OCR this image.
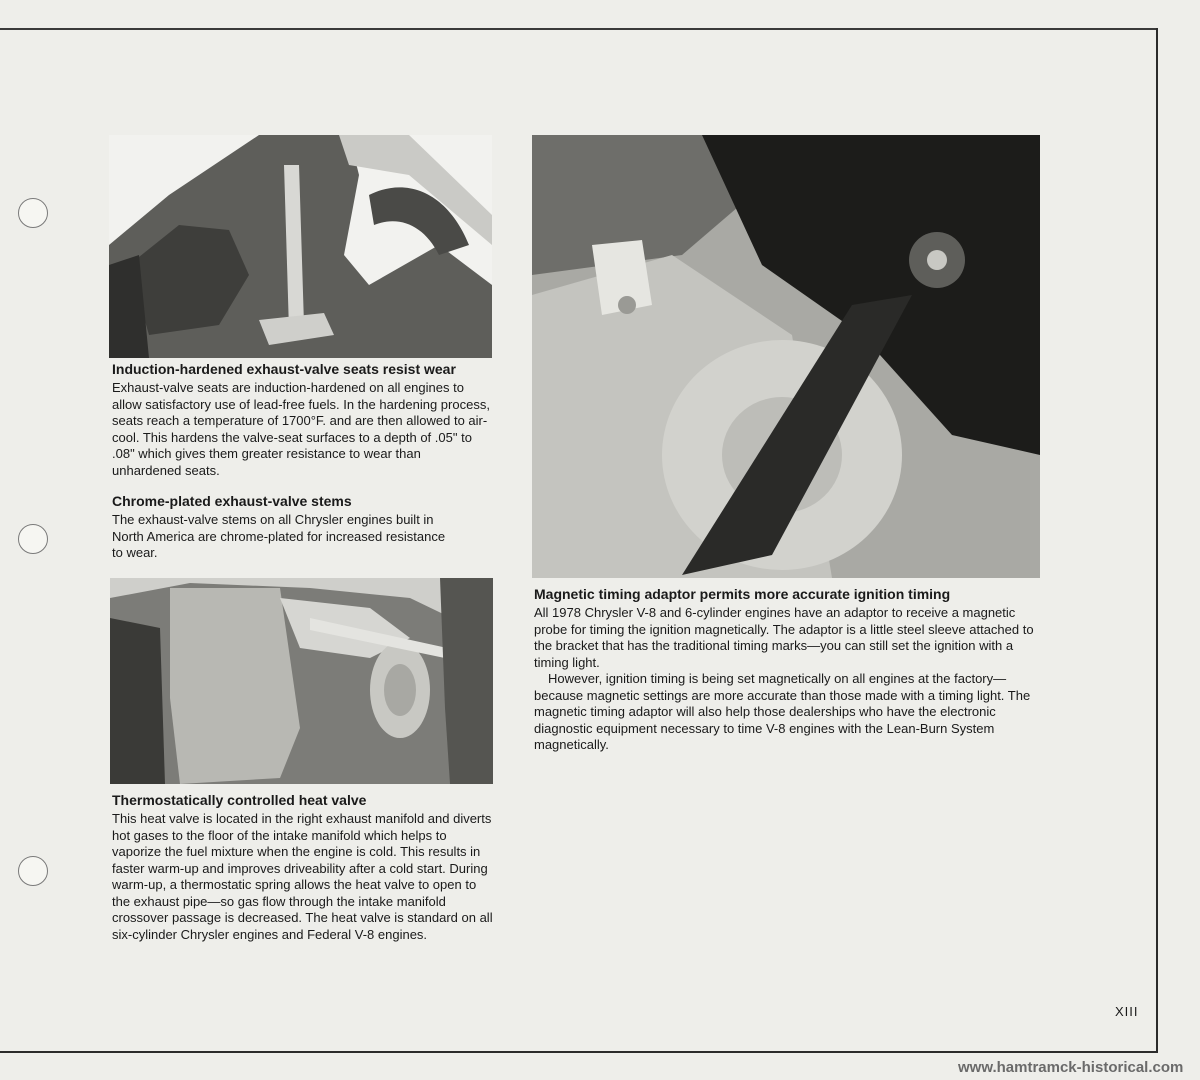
Induction-hardened exhaust-valve seats resist wear
Exhaust-valve seats are induction-hardened on all engines to allow satisfactory use of lead-free fuels. In the hardening process, seats reach a temperature of 1700°F. and are then allowed to air-cool. This hardens the valve-seat surfaces to a depth of .05" to .08" which gives them greater resistance to wear than unhardened seats.
Chrome-plated exhaust-valve stems
The exhaust-valve stems on all Chrysler engines built in North America are chrome-plated for increased resistance to wear.
Thermostatically controlled heat valve
This heat valve is located in the right exhaust manifold and diverts hot gases to the floor of the intake manifold which helps to vaporize the fuel mixture when the engine is cold. This results in faster warm-up and improves driveability after a cold start. During warm-up, a thermostatic spring allows the heat valve to open to the exhaust pipe—so gas flow through the intake manifold crossover passage is decreased. The heat valve is standard on all six-cylinder Chrysler engines and Federal V-8 engines.
Magnetic timing adaptor permits more accurate ignition timing

All 1978 Chrysler V-8 and 6-cylinder engines have an adaptor to receive a magnetic probe for timing the ignition magnetically. The adaptor is a little steel sleeve attached to the bracket that has the traditional timing marks—you can still set the ignition with a timing light.

However, ignition timing is being set magnetically on all engines at the factory—because magnetic settings are more accurate than those made with a timing light. The magnetic timing adaptor will also help those dealerships who have the electronic diagnostic equipment necessary to time V-8 engines with the Lean-Burn System magnetically.

XIII
www.hamtramck-historical.com
